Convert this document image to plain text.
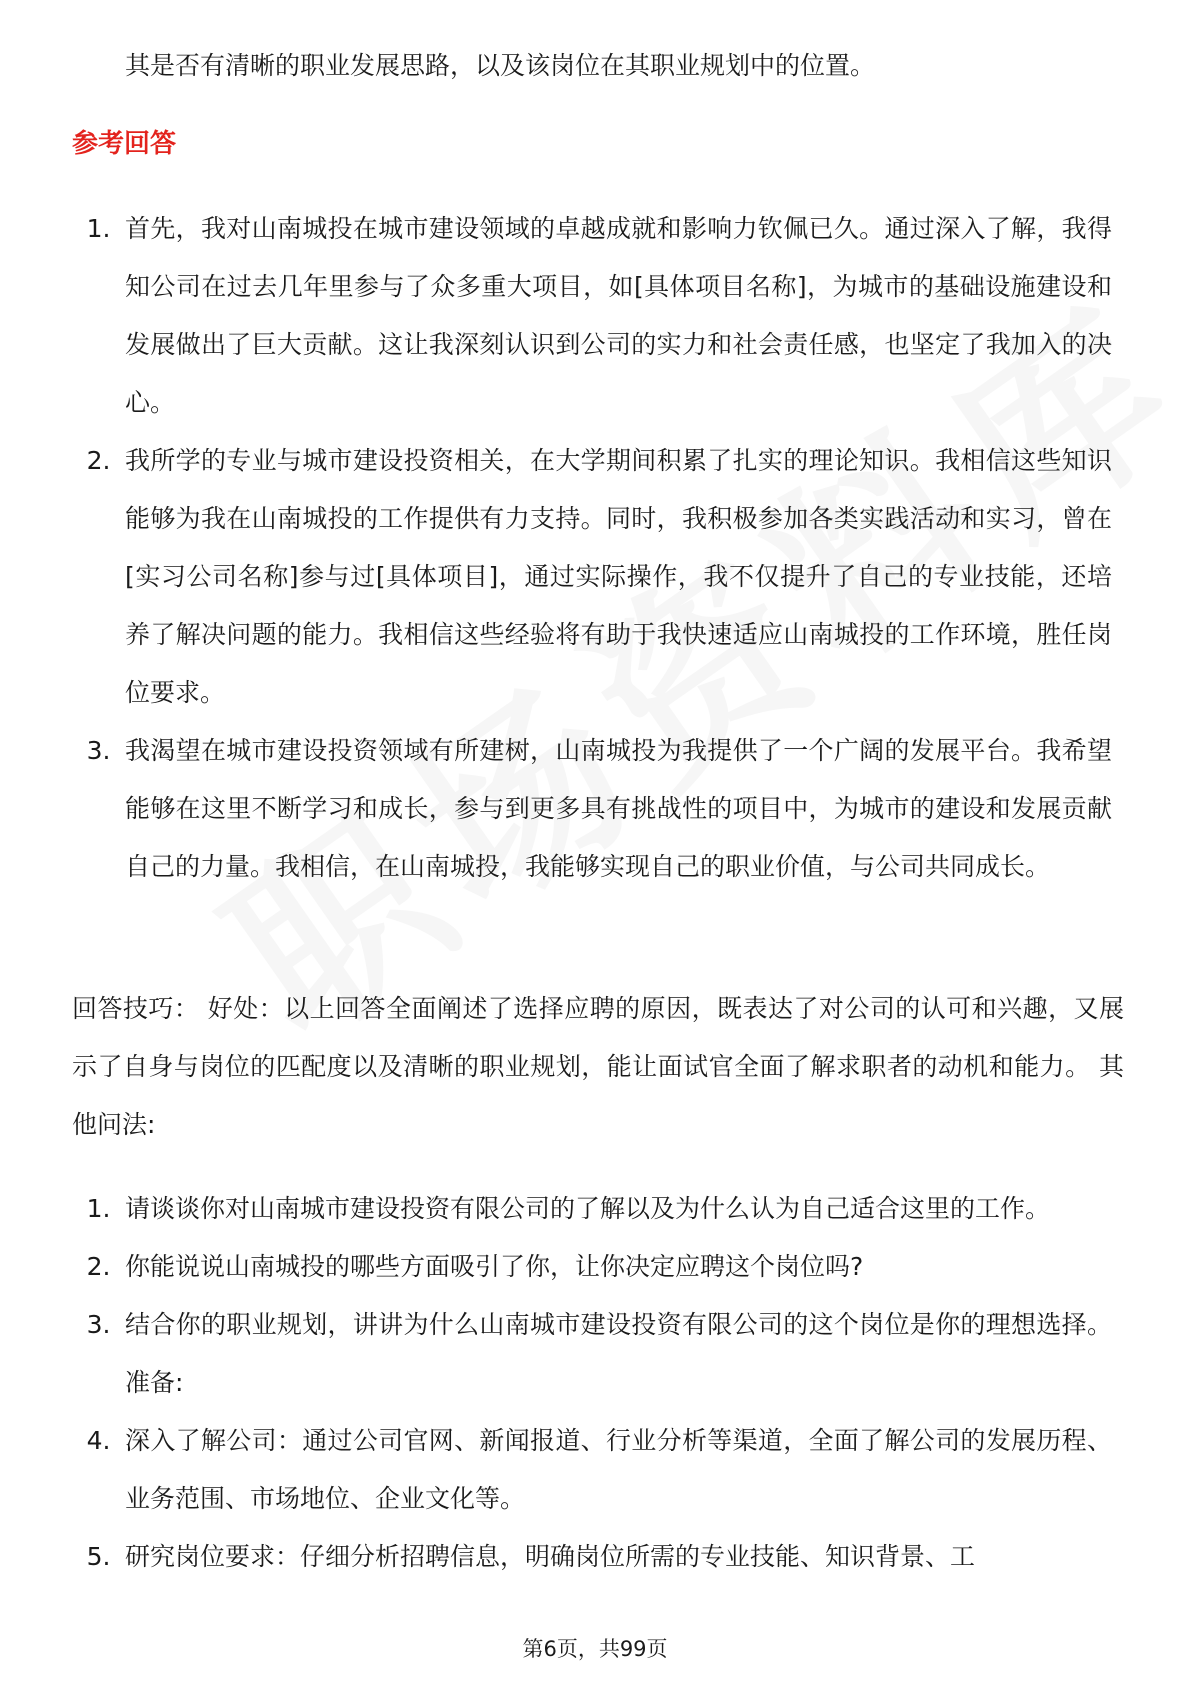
其是否有清晰的职业发展思路，以及该岗位在其职业规划中的位置。
参考回答
1. 首先，我对山南城投在城市建设领域的卓越成就和影响力钦佩已久。通过深入了解，我得知公司在过去几年里参与了众多重大项目，如[具体项目名称]，为城市的基础设施建设和发展做出了巨大贡献。这让我深刻认识到公司的实力和社会责任感，也坚定了我加入的决心。
2. 我所学的专业与城市建设投资相关，在大学期间积累了扎实的理论知识。我相信这些知识能够为我在山南城投的工作提供有力支持。同时，我积极参加各类实践活动和实习，曾在[实习公司名称]参与过[具体项目]，通过实际操作，我不仅提升了自己的专业技能，还培养了解决问题的能力。我相信这些经验将有助于我快速适应山南城投的工作环境，胜任岗位要求。
3. 我渴望在城市建设投资领域有所建树，山南城投为我提供了一个广阔的发展平台。我希望能够在这里不断学习和成长，参与到更多具有挑战性的项目中，为城市的建设和发展贡献自己的力量。我相信，在山南城投，我能够实现自己的职业价值，与公司共同成长。
回答技巧： 好处：以上回答全面阐述了选择应聘的原因，既表达了对公司的认可和兴趣，又展示了自身与岗位的匹配度以及清晰的职业规划，能让面试官全面了解求职者的动机和能力。 其他问法:
1. 请谈谈你对山南城市建设投资有限公司的了解以及为什么认为自己适合这里的工作。
2. 你能说说山南城投的哪些方面吸引了你，让你决定应聘这个岗位吗?
3. 结合你的职业规划，讲讲为什么山南城市建设投资有限公司的这个岗位是你的理想选择。 准备:
4. 深入了解公司：通过公司官网、新闻报道、行业分析等渠道，全面了解公司的发展历程、业务范围、市场地位、企业文化等。
5. 研究岗位要求：仔细分析招聘信息，明确岗位所需的专业技能、知识背景、工
第6页，共99页
